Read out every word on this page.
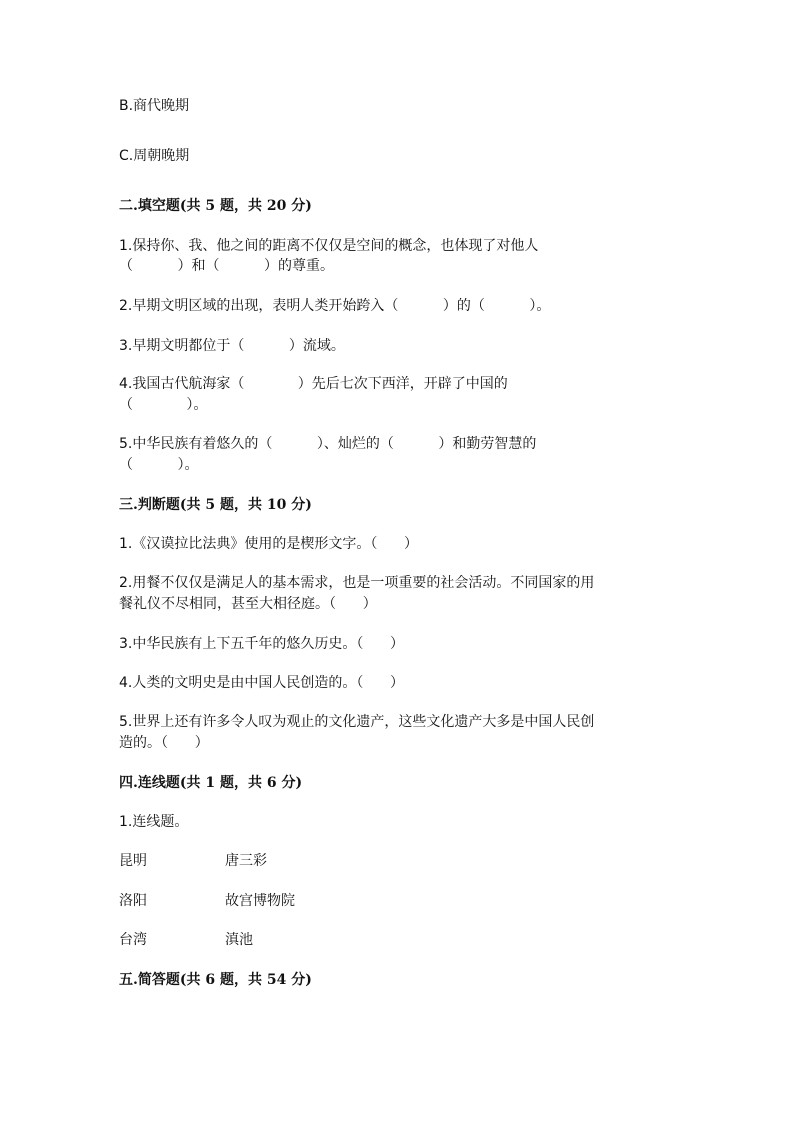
B.商代晚期
C.周朝晚期
二.填空题(共 5 题，共 20 分)
1.保持你、我、他之间的距离不仅仅是空间的概念，也体现了对他人
（          ）和（          ）的尊重。
2.早期文明区域的出现，表明人类开始跨入（          ）的（          ）。
3.早期文明都位于（          ）流域。
4.我国古代航海家（            ）先后七次下西洋，开辟了中国的
（            ）。
5.中华民族有着悠久的（          ）、灿烂的（          ）和勤劳智慧的
（          ）。
三.判断题(共 5 题，共 10 分)
1.《汉谟拉比法典》使用的是楔形文字。（      ）
2.用餐不仅仅是满足人的基本需求，也是一项重要的社会活动。不同国家的用
餐礼仪不尽相同，甚至大相径庭。（      ）
3.中华民族有上下五千年的悠久历史。（      ）
4.人类的文明史是由中国人民创造的。（      ）
5.世界上还有许多令人叹为观止的文化遗产，这些文化遗产大多是中国人民创
造的。（      ）
四.连线题(共 1 题，共 6 分)
1.连线题。
昆明	唐三彩
洛阳	故宫博物院
台湾	滇池
五.简答题(共 6 题，共 54 分)
